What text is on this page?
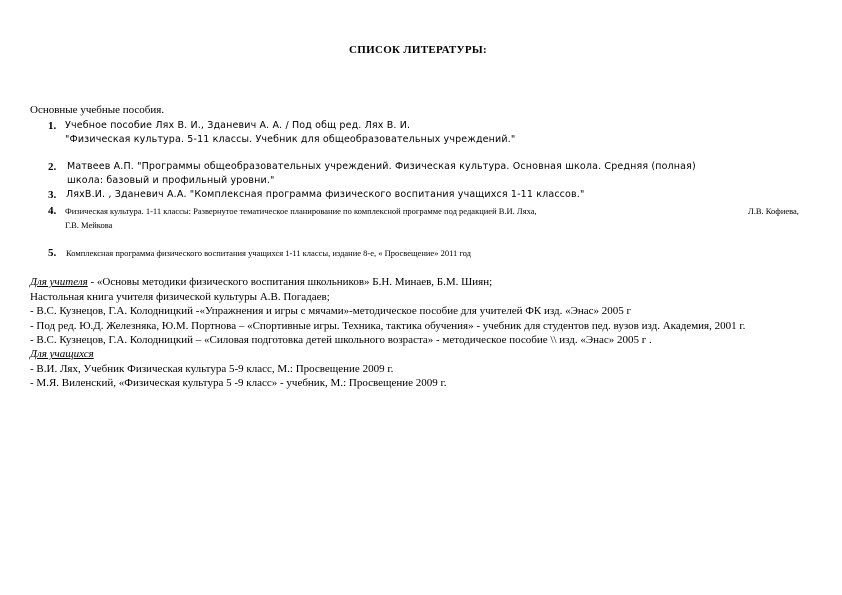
СПИСОК ЛИТЕРАТУРЫ:
Основные учебные пособия.
1. Учебное пособие Лях В. И., Зданевич А. А. / Под общ ред. Лях В. И.
"Физическая культура. 5-11 классы. Учебник для общеобразовательных учреждений."
2. Матвеев А.П. "Программы общеобразовательных учреждений. Физическая культура. Основная школа. Средняя (полная)
школа: базовый и профильный уровни."
3. ЛяхВ.И. , Зданевич А.А. "Комплексная программа физического воспитания учащихся 1-11 классов."
4. Физическая культура. 1-11 классы: Развернутое тематическое планирование по комплексной программе под редакцией В.И. Ляха,	Л.В. Кофиева,
Г.В. Мейкова
5. Комплексная программа физического воспитания учащихся 1-11 классы, издание 8-е, « Просвещение» 2011 год
Для учителя - «Основы методики физического воспитания школьников» Б.Н. Минаев, Б.М. Шиян;
Настольная книга учителя физической культуры А.В. Погадаев;
- В.С. Кузнецов, Г.А. Колодницкий -«Упражнения и игры с мячами»-методическое пособие для учителей ФК изд. «Энас» 2005 г
- Под ред. Ю.Д. Железняка, Ю.М. Портнова – «Спортивные игры. Техника, тактика обучения» - учебник для студентов пед. вузов изд. Академия, 2001 г.
- В.С. Кузнецов, Г.А. Колодницкий – «Силовая подготовка детей школьного возраста» - методическое пособие \\ изд. «Энас» 2005 г .
Для учащихся
- В.И. Лях, Учебник Физическая культура 5-9 класс, М.: Просвещение 2009 г.
- М.Я. Виленский, «Физическая культура 5 -9 класс» - учебник, М.: Просвещение 2009 г.
